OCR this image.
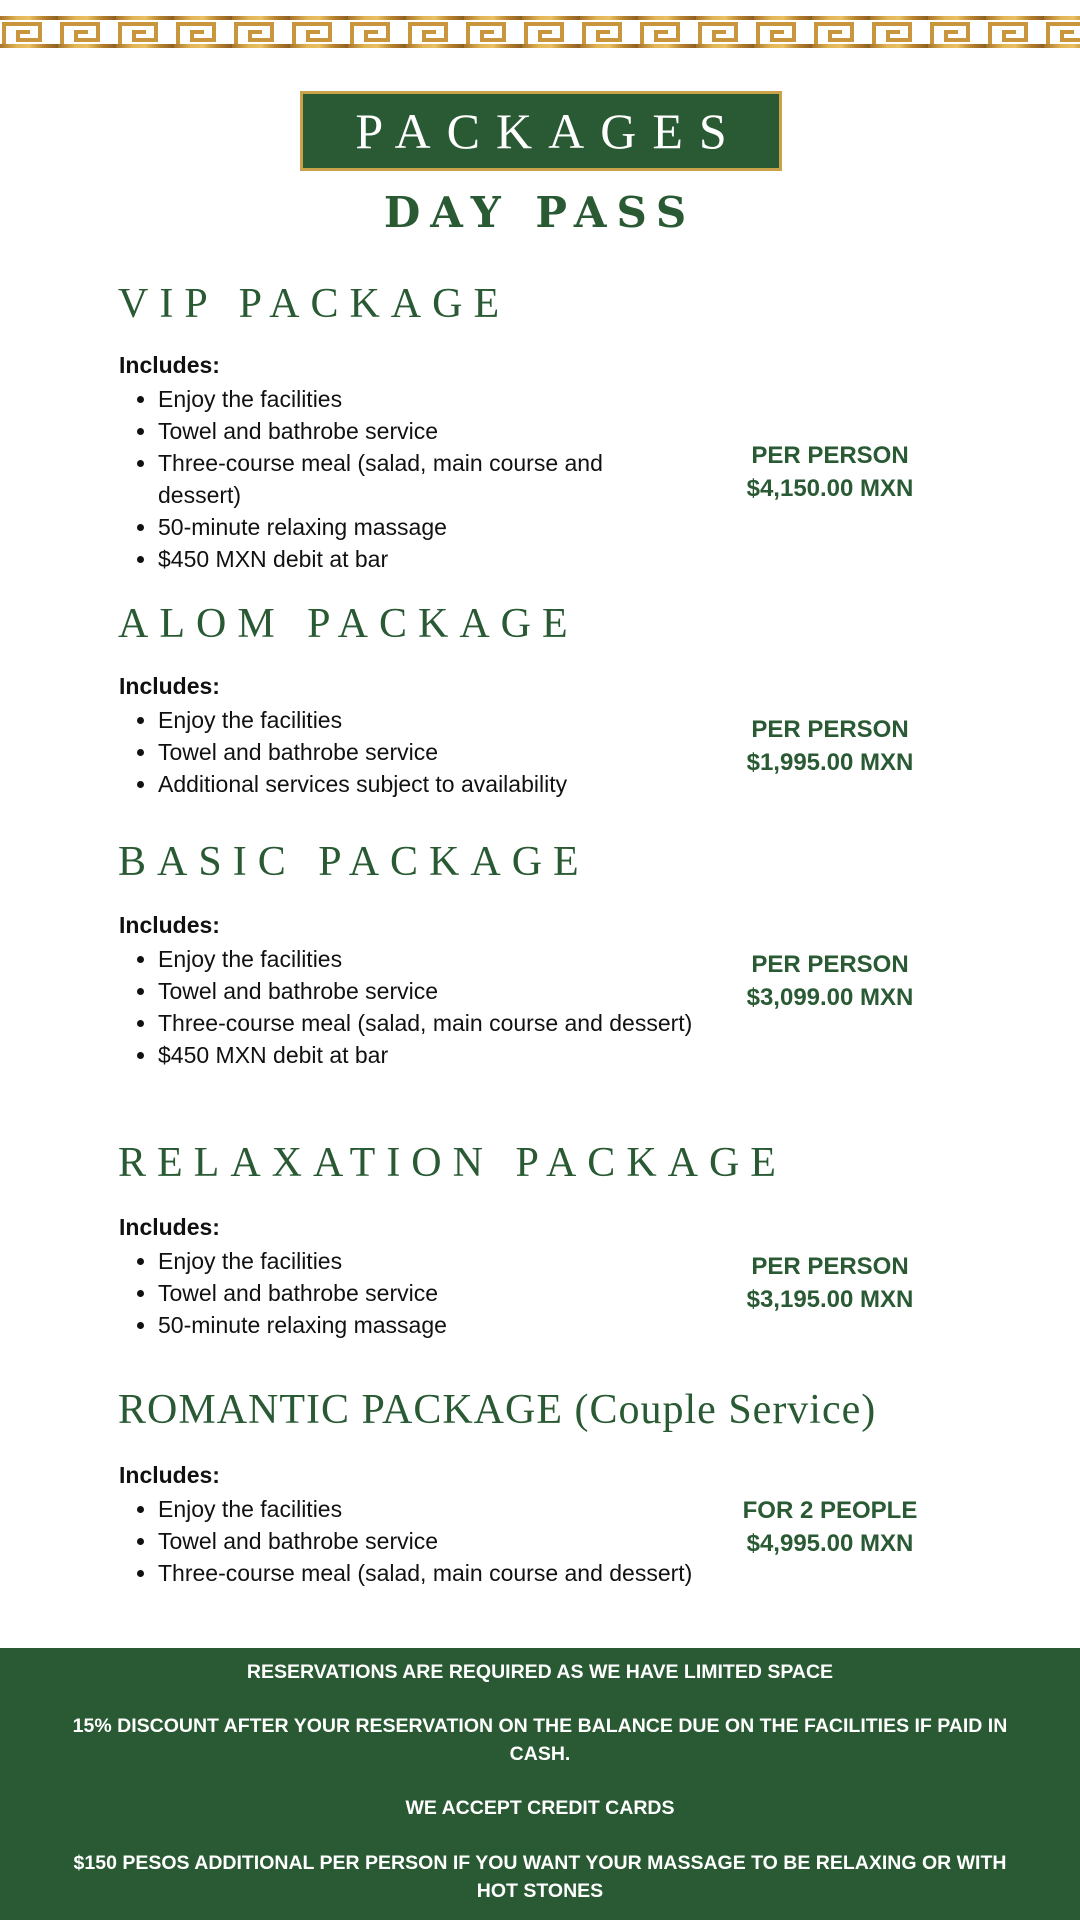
PACKAGES
DAY PASS
VIP PACKAGE
Includes:
• Enjoy the facilities
• Towel and bathrobe service
• Three-course meal (salad, main course and dessert)
• 50-minute relaxing massage
• $450 MXN debit at bar
PER PERSON
$4,150.00 MXN
ALOM PACKAGE
Includes:
• Enjoy the facilities
• Towel and bathrobe service
• Additional services subject to availability
PER PERSON
$1,995.00 MXN
BASIC PACKAGE
Includes:
• Enjoy the facilities
• Towel and bathrobe service
• Three-course meal (salad, main course and dessert)
• $450 MXN debit at bar
PER PERSON
$3,099.00 MXN
RELAXATION PACKAGE
Includes:
• Enjoy the facilities
• Towel and bathrobe service
• 50-minute relaxing massage
PER PERSON
$3,195.00 MXN
ROMANTIC PACKAGE (Couple Service)
Includes:
• Enjoy the facilities
• Towel and bathrobe service
• Three-course meal (salad, main course and dessert)
FOR 2 PEOPLE
$4,995.00 MXN

RESERVATIONS ARE REQUIRED AS WE HAVE LIMITED SPACE

15% DISCOUNT AFTER YOUR RESERVATION ON THE BALANCE DUE ON THE FACILITIES IF PAID IN CASH.

WE ACCEPT CREDIT CARDS

$150 PESOS ADDITIONAL PER PERSON IF YOU WANT YOUR MASSAGE TO BE RELAXING OR WITH HOT STONES
